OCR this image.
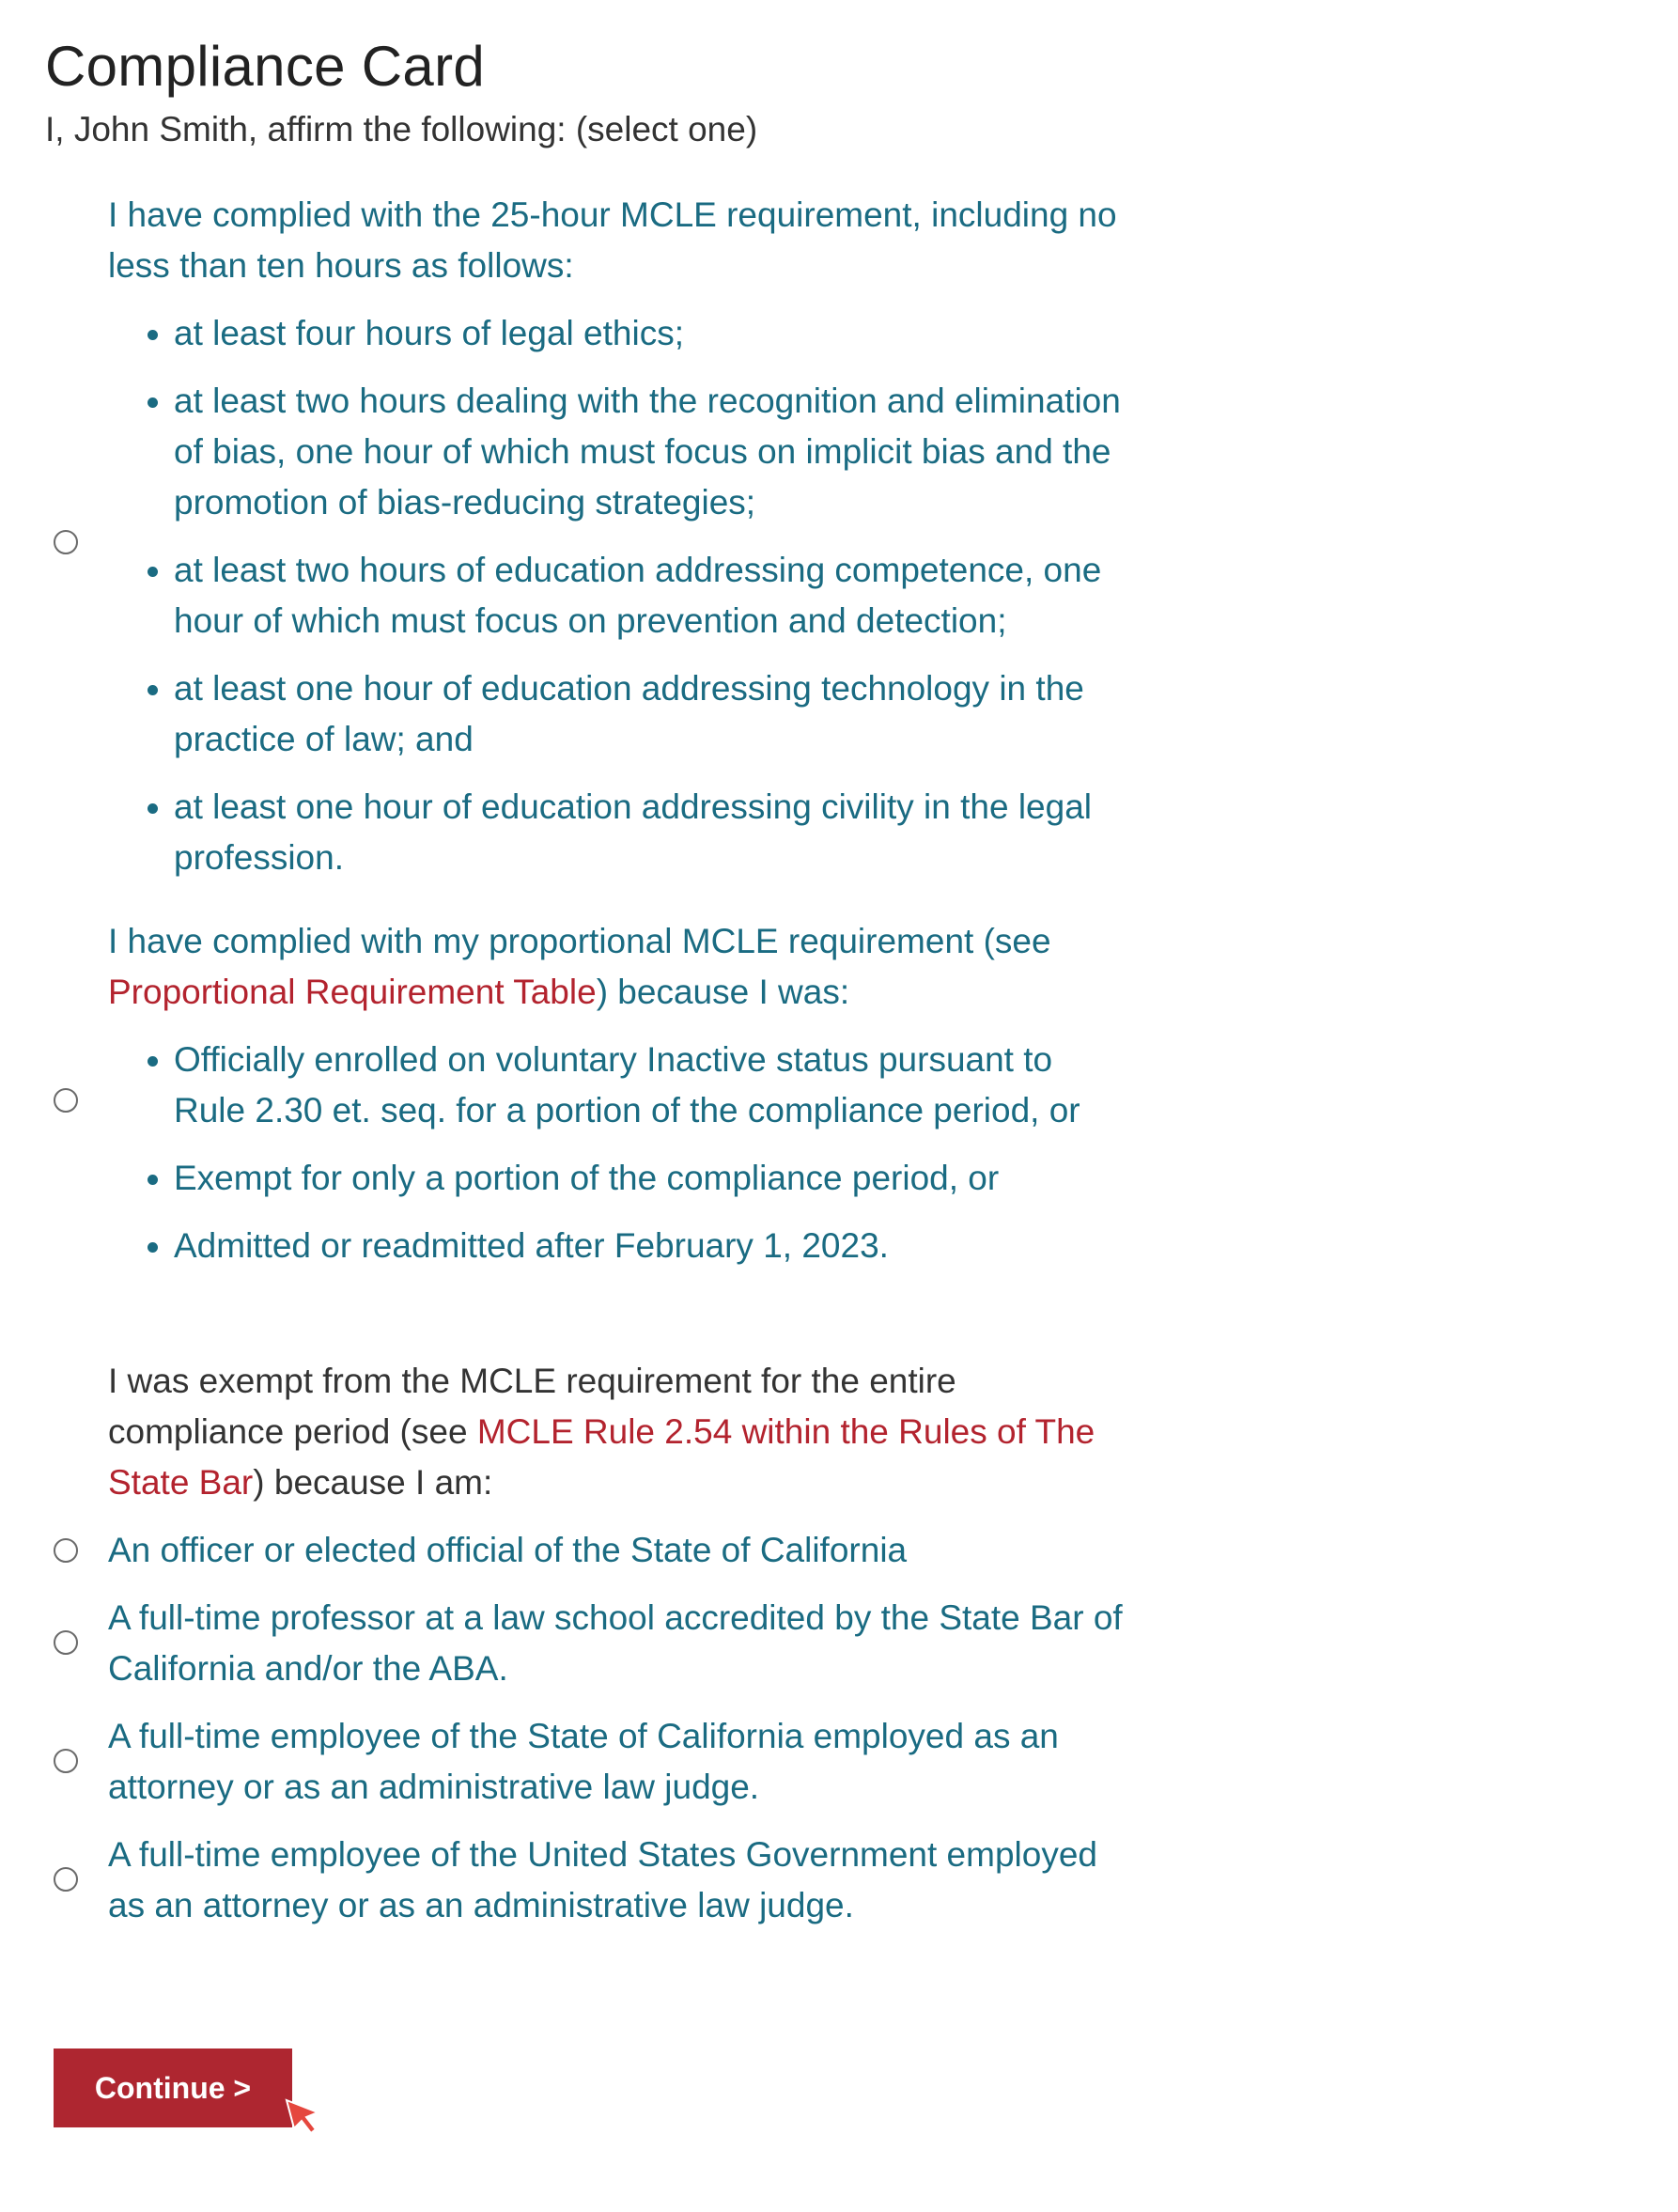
Compliance Card
I, John Smith, affirm the following: (select one)
I have complied with the 25-hour MCLE requirement, including no less than ten hours as follows:
at least four hours of legal ethics;
at least two hours dealing with the recognition and elimination of bias, one hour of which must focus on implicit bias and the promotion of bias-reducing strategies;
at least two hours of education addressing competence, one hour of which must focus on prevention and detection;
at least one hour of education addressing technology in the practice of law; and
at least one hour of education addressing civility in the legal profession.
I have complied with my proportional MCLE requirement (see Proportional Requirement Table) because I was:
Officially enrolled on voluntary Inactive status pursuant to Rule 2.30 et. seq. for a portion of the compliance period, or
Exempt for only a portion of the compliance period, or
Admitted or readmitted after February 1, 2023.
I was exempt from the MCLE requirement for the entire compliance period (see MCLE Rule 2.54 within the Rules of The State Bar) because I am:
An officer or elected official of the State of California
A full-time professor at a law school accredited by the State Bar of California and/or the ABA.
A full-time employee of the State of California employed as an attorney or as an administrative law judge.
A full-time employee of the United States Government employed as an attorney or as an administrative law judge.
Continue >
